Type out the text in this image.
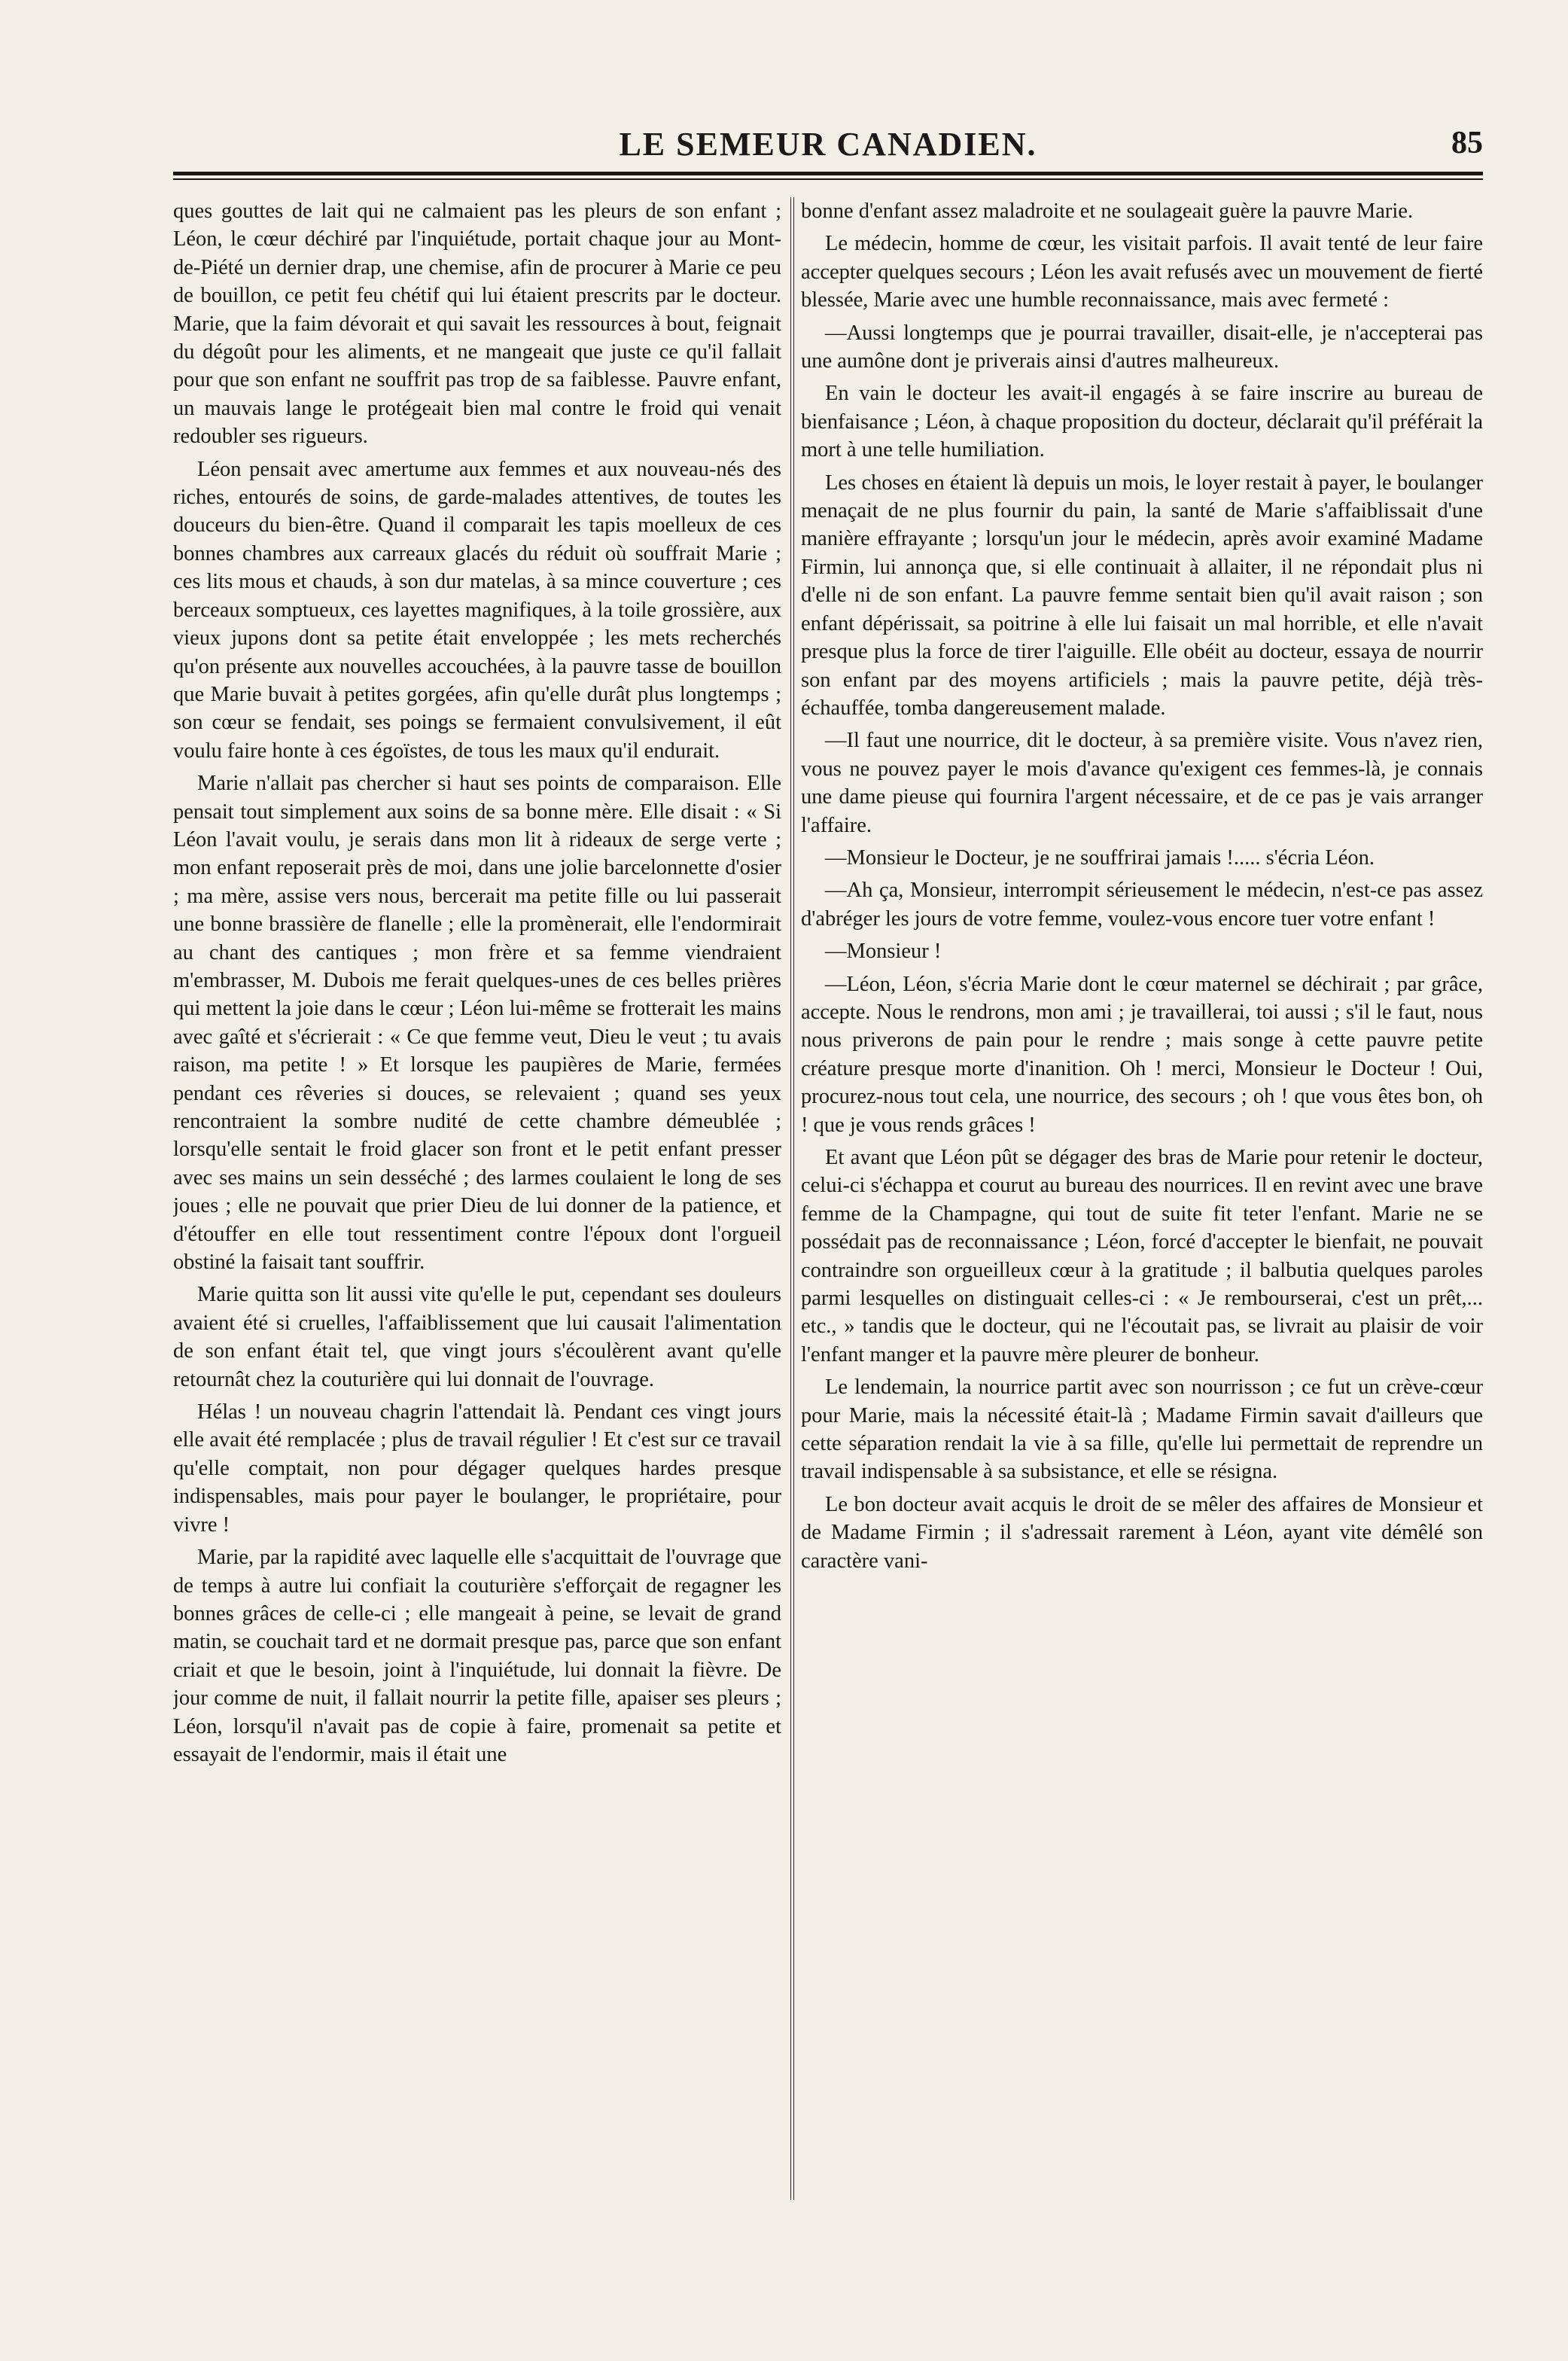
LE SEMEUR CANADIEN.	85

ques gouttes de lait qui ne calmaient pas les pleurs de son enfant ; Léon, le cœur déchiré par l'inquiétude, portait chaque jour au Mont-de-Piété un dernier drap, une chemise, afin de procurer à Marie ce peu de bouillon, ce petit feu chétif qui lui étaient prescrits par le docteur. Marie, que la faim dévorait et qui savait les ressources à bout, feignait du dégoût pour les aliments, et ne mangeait que juste ce qu'il fallait pour que son enfant ne souffrit pas trop de sa faiblesse. Pauvre enfant, un mauvais lange le protégeait bien mal contre le froid qui venait redoubler ses rigueurs.

Léon pensait avec amertume aux femmes et aux nouveau-nés des riches, entourés de soins, de garde-malades attentives, de toutes les douceurs du bien-être. Quand il comparait les tapis moelleux de ces bonnes chambres aux carreaux glacés du réduit où souffrait Marie ; ces lits mous et chauds, à son dur matelas, à sa mince couverture ; ces berceaux somptueux, ces layettes magnifiques, à la toile grossière, aux vieux jupons dont sa petite était enveloppée ; les mets recherchés qu'on présente aux nouvelles accouchées, à la pauvre tasse de bouillon que Marie buvait à petites gorgées, afin qu'elle durât plus longtemps ; son cœur se fendait, ses poings se fermaient convulsivement, il eût voulu faire honte à ces égoïstes, de tous les maux qu'il endurait.

Marie n'allait pas chercher si haut ses points de comparaison. Elle pensait tout simplement aux soins de sa bonne mère. Elle disait : « Si Léon l'avait voulu, je serais dans mon lit à rideaux de serge verte ; mon enfant reposerait près de moi, dans une jolie barcelonnette d'osier ; ma mère, assise vers nous, bercerait ma petite fille ou lui passerait une bonne brassière de flanelle ; elle la promènerait, elle l'endormirait au chant des cantiques ; mon frère et sa femme viendraient m'embrasser, M. Dubois me ferait quelques-unes de ces belles prières qui mettent la joie dans le cœur ; Léon lui-même se frotterait les mains avec gaîté et s'écrierait : « Ce que femme veut, Dieu le veut ; tu avais raison, ma petite ! » Et lorsque les paupières de Marie, fermées pendant ces rêveries si douces, se relevaient ; quand ses yeux rencontraient la sombre nudité de cette chambre démeublée ; lorsqu'elle sentait le froid glacer son front et le petit enfant presser avec ses mains un sein desséché ; des larmes coulaient le long de ses joues ; elle ne pouvait que prier Dieu de lui donner de la patience, et d'étouffer en elle tout ressentiment contre l'époux dont l'orgueil obstiné la faisait tant souffrir.

Marie quitta son lit aussi vite qu'elle le put, cependant ses douleurs avaient été si cruelles, l'affaiblissement que lui causait l'alimentation de son enfant était tel, que vingt jours s'écoulèrent avant qu'elle retournât chez la couturière qui lui donnait de l'ouvrage.

Hélas ! un nouveau chagrin l'attendait là. Pendant ces vingt jours elle avait été remplacée ; plus de travail régulier ! Et c'est sur ce travail qu'elle comptait, non pour dégager quelques hardes presque indispensables, mais pour payer le boulanger, le propriétaire, pour vivre !

Marie, par la rapidité avec laquelle elle s'acquittait de l'ouvrage que de temps à autre lui confiait la couturière s'efforçait de regagner les bonnes grâces de celle-ci ; elle mangeait à peine, se levait de grand matin, se couchait tard et ne dormait presque pas, parce que son enfant criait et que le besoin, joint à l'inquiétude, lui donnait la fièvre. De jour comme de nuit, il fallait nourrir la petite fille, apaiser ses pleurs ; Léon, lorsqu'il n'avait pas de copie à faire, promenait sa petite et essayait de l'endormir, mais il était une

bonne d'enfant assez maladroite et ne soulageait guère la pauvre Marie.

Le médecin, homme de cœur, les visitait parfois. Il avait tenté de leur faire accepter quelques secours ; Léon les avait refusés avec un mouvement de fierté blessée, Marie avec une humble reconnaissance, mais avec fermeté :

—Aussi longtemps que je pourrai travailler, disait-elle, je n'accepterai pas une aumône dont je priverais ainsi d'autres malheureux.

En vain le docteur les avait-il engagés à se faire inscrire au bureau de bienfaisance ; Léon, à chaque proposition du docteur, déclarait qu'il préférait la mort à une telle humiliation.

Les choses en étaient là depuis un mois, le loyer restait à payer, le boulanger menaçait de ne plus fournir du pain, la santé de Marie s'affaiblissait d'une manière effrayante ; lorsqu'un jour le médecin, après avoir examiné Madame Firmin, lui annonça que, si elle continuait à allaiter, il ne répondait plus ni d'elle ni de son enfant. La pauvre femme sentait bien qu'il avait raison ; son enfant dépérissait, sa poitrine à elle lui faisait un mal horrible, et elle n'avait presque plus la force de tirer l'aiguille. Elle obéit au docteur, essaya de nourrir son enfant par des moyens artificiels ; mais la pauvre petite, déjà très-échauffée, tomba dangereusement malade.

—Il faut une nourrice, dit le docteur, à sa première visite. Vous n'avez rien, vous ne pouvez payer le mois d'avance qu'exigent ces femmes-là, je connais une dame pieuse qui fournira l'argent nécessaire, et de ce pas je vais arranger l'affaire.

—Monsieur le Docteur, je ne souffrirai jamais !..... s'écria Léon.

—Ah ça, Monsieur, interrompit sérieusement le médecin, n'est-ce pas assez d'abréger les jours de votre femme, voulez-vous encore tuer votre enfant !

—Monsieur !

—Léon, Léon, s'écria Marie dont le cœur maternel se déchirait ; par grâce, accepte. Nous le rendrons, mon ami ; je travaillerai, toi aussi ; s'il le faut, nous nous priverons de pain pour le rendre ; mais songe à cette pauvre petite créature presque morte d'inanition. Oh ! merci, Monsieur le Docteur ! Oui, procurez-nous tout cela, une nourrice, des secours ; oh ! que vous êtes bon, oh ! que je vous rends grâces !

Et avant que Léon pût se dégager des bras de Marie pour retenir le docteur, celui-ci s'échappa et courut au bureau des nourrices. Il en revint avec une brave femme de la Champagne, qui tout de suite fit teter l'enfant. Marie ne se possédait pas de reconnaissance ; Léon, forcé d'accepter le bienfait, ne pouvait contraindre son orgueilleux cœur à la gratitude ; il balbutia quelques paroles parmi lesquelles on distinguait celles-ci : « Je rembourserai, c'est un prêt,... etc., » tandis que le docteur, qui ne l'écoutait pas, se livrait au plaisir de voir l'enfant manger et la pauvre mère pleurer de bonheur.

Le lendemain, la nourrice partit avec son nourrisson ; ce fut un crève-cœur pour Marie, mais la nécessité était-là ; Madame Firmin savait d'ailleurs que cette séparation rendait la vie à sa fille, qu'elle lui permettait de reprendre un travail indispensable à sa subsistance, et elle se résigna.

Le bon docteur avait acquis le droit de se mêler des affaires de Monsieur et de Madame Firmin ; il s'adressait rarement à Léon, ayant vite démêlé son caractère vani-
